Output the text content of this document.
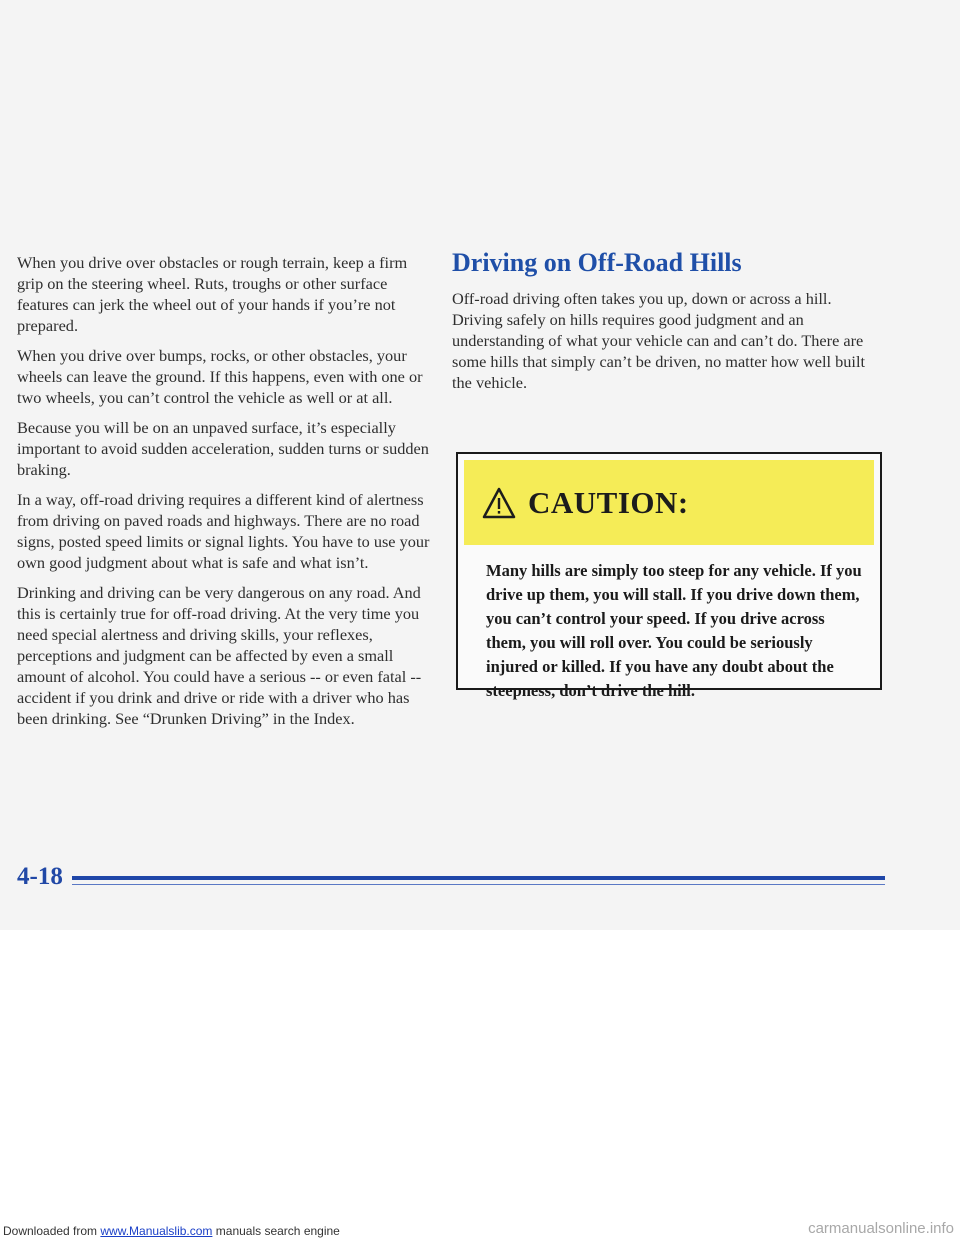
When you drive over obstacles or rough terrain, keep a firm grip on the steering wheel. Ruts, troughs or other surface features can jerk the wheel out of your hands if you’re not prepared.

When you drive over bumps, rocks, or other obstacles, your wheels can leave the ground. If this happens, even with one or two wheels, you can’t control the vehicle as well or at all.

Because you will be on an unpaved surface, it’s especially important to avoid sudden acceleration, sudden turns or sudden braking.

In a way, off-road driving requires a different kind of alertness from driving on paved roads and highways. There are no road signs, posted speed limits or signal lights. You have to use your own good judgment about what is safe and what isn’t.

Drinking and driving can be very dangerous on any road. And this is certainly true for off-road driving. At the very time you need special alertness and driving skills, your reflexes, perceptions and judgment can be affected by even a small amount of alcohol. You could have a serious -- or even fatal -- accident if you drink and drive or ride with a driver who has been drinking. See “Drunken Driving” in the Index.

Driving on Off-Road Hills

Off-road driving often takes you up, down or across a hill. Driving safely on hills requires good judgment and an understanding of what your vehicle can and can’t do. There are some hills that simply can’t be driven, no matter how well built the vehicle.

CAUTION:
Many hills are simply too steep for any vehicle. If you drive up them, you will stall. If you drive down them, you can’t control your speed. If you drive across them, you will roll over. You could be seriously injured or killed. If you have any doubt about the steepness, don’t drive the hill.
4-18
Downloaded from www.Manualslib.com manuals search engine	carmanualsonline.info
